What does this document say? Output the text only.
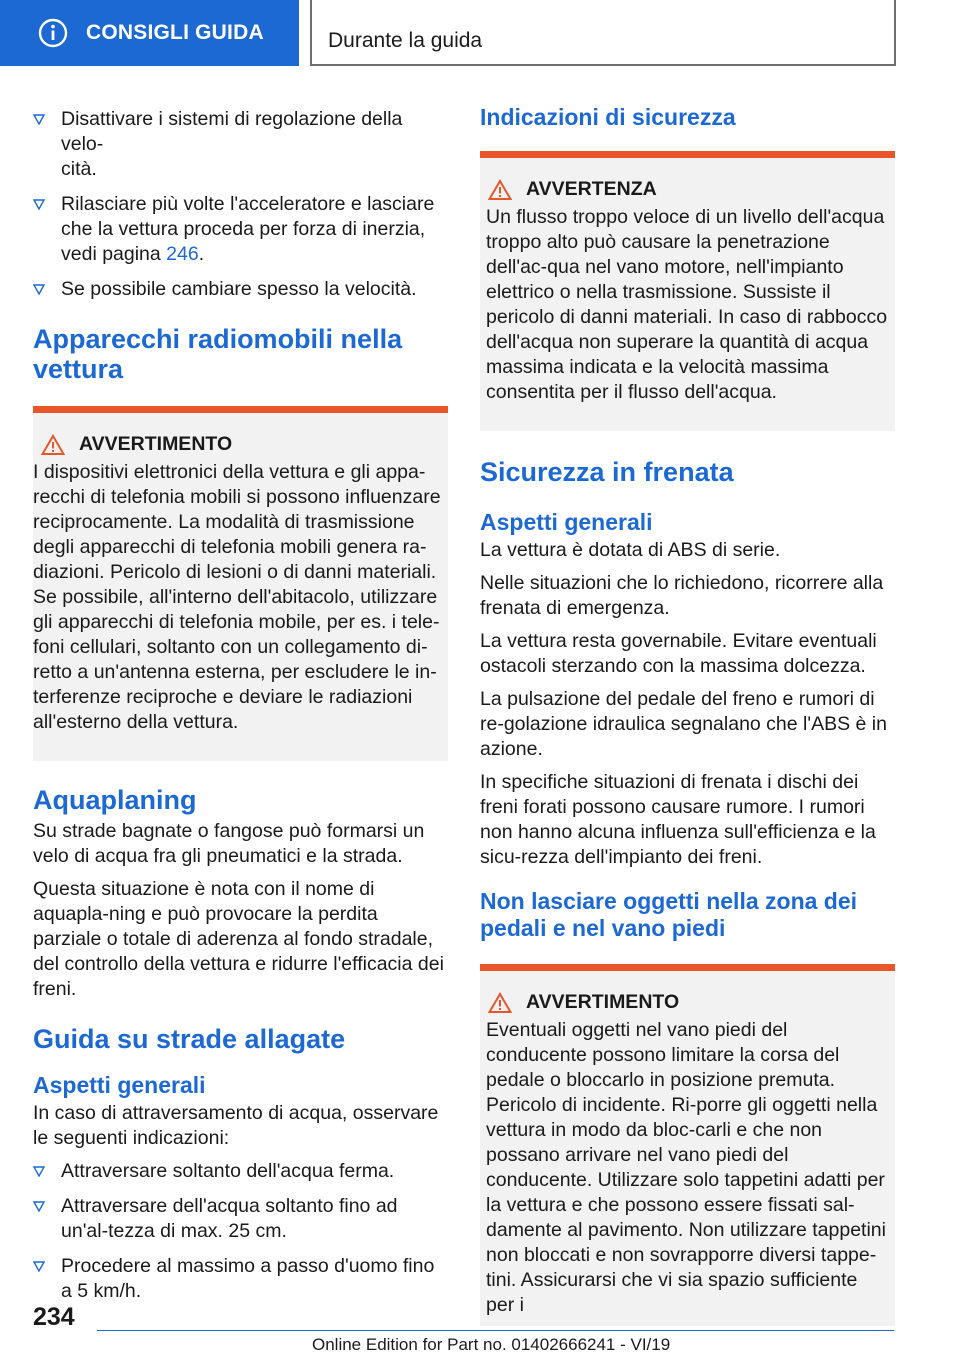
CONSIGLI GUIDA	Durante la guida
Disattivare i sistemi di regolazione della velo-
cità.
Rilasciare più volte l'acceleratore e lasciare che la vettura proceda per forza di inerzia, vedi pagina 246.
Se possibile cambiare spesso la velocità.
Apparecchi radiomobili nella vettura
AVVERTIMENTO

I dispositivi elettronici della vettura e gli appa-recchi di telefonia mobili si possono influenzare reciprocamente. La modalità di trasmissione degli apparecchi di telefonia mobili genera ra-diazioni. Pericolo di lesioni o di danni materiali. Se possibile, all'interno dell'abitacolo, utilizzare gli apparecchi di telefonia mobile, per es. i tele-foni cellulari, soltanto con un collegamento di-retto a un'antenna esterna, per escludere le in-terferenze reciproche e deviare le radiazioni all'esterno della vettura.

Aquaplaning

Su strade bagnate o fangose può formarsi un velo di acqua fra gli pneumatici e la strada.

Questa situazione è nota con il nome di aquapla-ning e può provocare la perdita parziale o totale di aderenza al fondo stradale, del controllo della vettura e ridurre l'efficacia dei freni.

Guida su strade allagate
Aspetti generali

In caso di attraversamento di acqua, osservare le seguenti indicazioni:

Attraversare soltanto dell'acqua ferma.
Attraversare dell'acqua soltanto fino ad un'al-tezza di max. 25 cm.
Procedere al massimo a passo d'uomo fino a 5 km/h.
Indicazioni di sicurezza
AVVERTENZA

Un flusso troppo veloce di un livello dell'acqua troppo alto può causare la penetrazione dell'ac-qua nel vano motore, nell'impianto elettrico o nella trasmissione. Sussiste il pericolo di danni materiali. In caso di rabbocco dell'acqua non superare la quantità di acqua massima indicata e la velocità massima consentita per il flusso dell'acqua.

Sicurezza in frenata
Aspetti generali

La vettura è dotata di ABS di serie.

Nelle situazioni che lo richiedono, ricorrere alla frenata di emergenza.

La vettura resta governabile. Evitare eventuali ostacoli sterzando con la massima dolcezza.

La pulsazione del pedale del freno e rumori di re-golazione idraulica segnalano che l'ABS è in azione.

In specifiche situazioni di frenata i dischi dei freni forati possono causare rumore. I rumori non hanno alcuna influenza sull'efficienza e la sicu-rezza dell'impianto dei freni.

Non lasciare oggetti nella zona dei pedali e nel vano piedi
AVVERTIMENTO

Eventuali oggetti nel vano piedi del conducente possono limitare la corsa del pedale o bloccarlo in posizione premuta. Pericolo di incidente. Ri-porre gli oggetti nella vettura in modo da bloc-carli e che non possano arrivare nel vano piedi del conducente. Utilizzare solo tappetini adatti per la vettura e che possono essere fissati sal-damente al pavimento. Non utilizzare tappetini non bloccati e non sovrapporre diversi tappe-tini. Assicurarsi che vi sia spazio sufficiente per i

234
Online Edition for Part no. 01402666241 - VI/19
